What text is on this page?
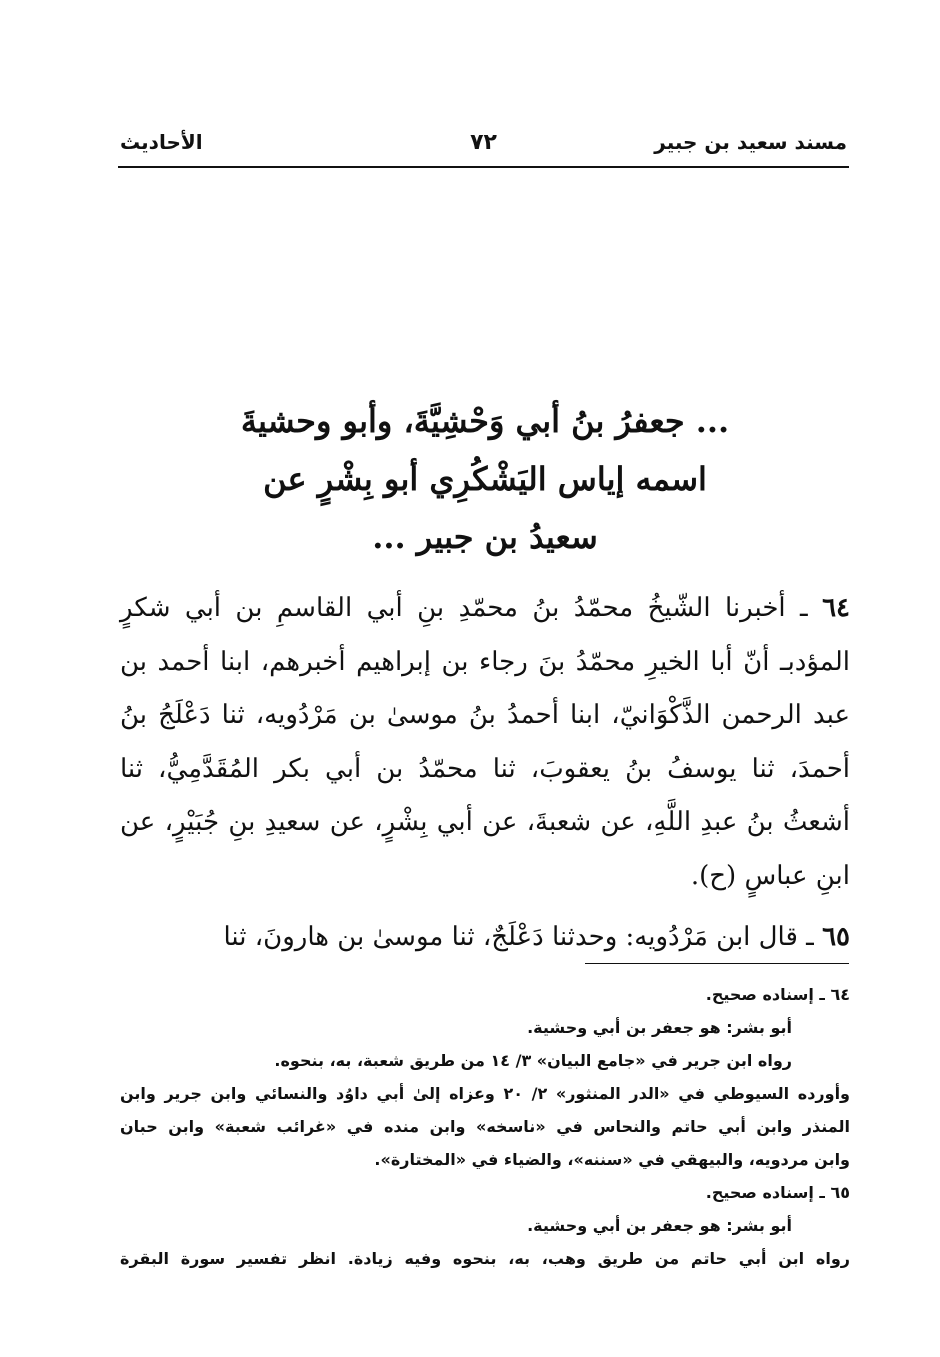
مسند سعيد بن جبير
٧٢
الأحاديث
... جعفرُ بنُ أبي وَحْشِيَّةَ، وأبو وحشيةَ
اسمه إياس اليَشْكُرِي أبو بِشْرٍ عن
سعيدُ بن جبير ...

٦٤ ـ أخبرنا الشّيخُ محمّدُ بنُ محمّدِ بنِ أبي القاسمِ بن أبي شكرٍ المؤدبـ أنّ أبا الخيرِ محمّدُ بنَ رجاء بن إبراهيم أخبرهم، ابنا أحمد بن عبد الرحمن الذَّكْوَانيّ، ابنا أحمدُ بنُ موسىٰ بن مَرْدُويه، ثنا دَعْلَجُ بنُ أحمدَ، ثنا يوسفُ بنُ يعقوبَ، ثنا محمّدُ بن أبي بكر المُقَدَّمِيُّ، ثنا أشعثُ بنُ عبدِ اللَّهِ، عن شعبةَ، عن أبي بِشْرٍ، عن سعيدِ بنِ جُبَيْرٍ، عن ابنِ عباسٍ (ح).

٦٥ ـ قال ابن مَرْدُويه: وحدثنا دَعْلَجٌ، ثنا موسىٰ بن هارونَ، ثنا

٦٤ ـ إسناده صحيح.
أبو بشر: هو جعفر بن أبي وحشية.
رواه ابن جرير في «جامع البيان» ٣/ ١٤ من طريق شعبة، به، بنحوه.
وأورده السيوطي في «الدر المنثور» ٢/ ٢٠ وعزاه إلىٰ أبي داوُد والنسائي وابن جرير وابن
المنذر وابن أبي حاتم والنحاس في «ناسخه» وابن منده في «غرائب شعبة» وابن حبان
وابن مردويه، والبيهقي في «سننه»، والضياء في «المختارة».
٦٥ ـ إسناده صحيح.
أبو بشر: هو جعفر بن أبي وحشية.
رواه ابن أبي حاتم من طريق وهب، به، بنحوه وفيه زيادة. انظر تفسير سورة البقرة
